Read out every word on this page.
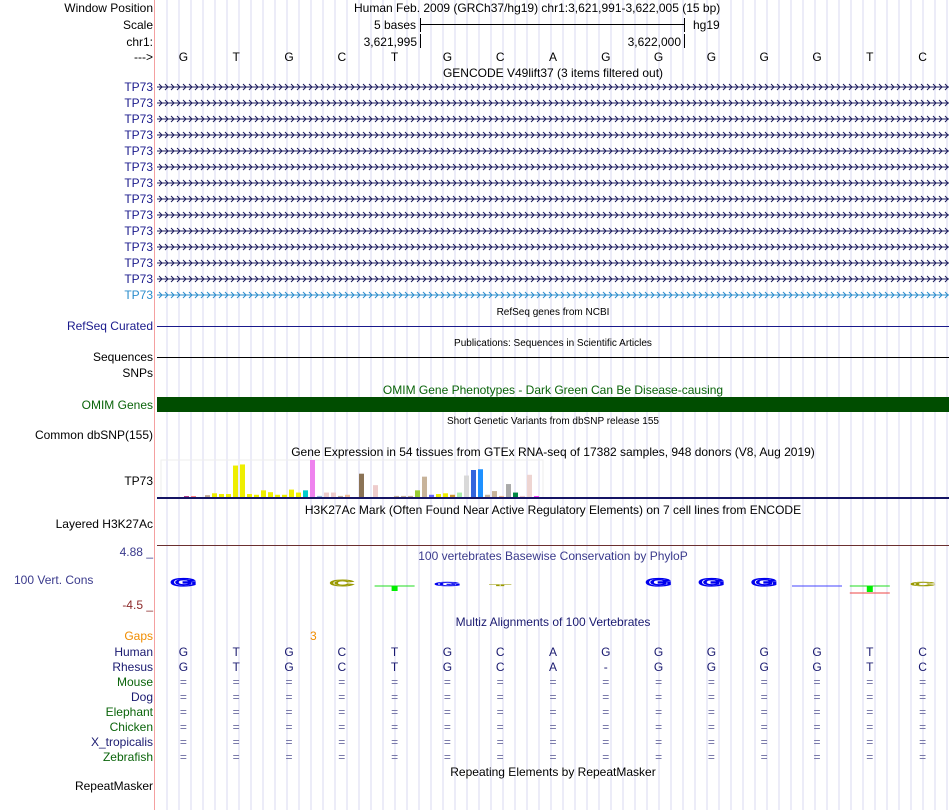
Window Position	Human Feb. 2009 (GRCh37/hg19) chr1:3,621,991-3,622,005 (15 bp)
Scale	5 bases	hg19
chr1:	3,621,995	3,622,000
--->	G	T	G	C	T	G	C	A	G	G	G	G	G	T	C
GENCODE V49lift37 (3 items filtered out)
TP73
TP73
TP73
TP73
TP73
TP73
TP73
TP73
TP73
TP73
TP73
TP73
TP73
TP73
RefSeq genes from NCBI
RefSeq Curated
Publications: Sequences in Scientific Articles
Sequences
SNPs
OMIM Gene Phenotypes - Dark Green Can Be Disease-causing
OMIM Genes
Short Genetic Variants from dbSNP release 155
Common dbSNP(155)
Gene Expression in 54 tissues from GTEx RNA-seq of 17382 samples, 948 donors (V8, Aug 2019)
TP73
H3K27Ac Mark (Often Found Near Active Regulatory Elements) on 7 cell lines from ENCODE
Layered H3K27Ac
100 vertebrates Basewise Conservation by PhyloP
4.88 _
100 Vert. Cons
-4.5 _
G	C	G T	G G G	C
Multiz Alignments of 100 Vertebrates
Gaps	3
Human	G	T	G	C	T	G	C	A	G	G	G	G	G	T	C
Rhesus	G	T	G	C	T	G	C	A	-	G	G	G	G	T	C
Mouse	=	=	=	=	=	=	=	=	=	=	=	=	=	=	=
Dog	=	=	=	=	=	=	=	=	=	=	=	=	=	=	=
Elephant	=	=	=	=	=	=	=	=	=	=	=	=	=	=	=
Chicken	=	=	=	=	=	=	=	=	=	=	=	=	=	=	=
X_tropicalis	=	=	=	=	=	=	=	=	=	=	=	=	=	=	=
Zebrafish	=	=	=	=	=	=	=	=	=	=	=	=	=	=	=
Repeating Elements by RepeatMasker
RepeatMasker
